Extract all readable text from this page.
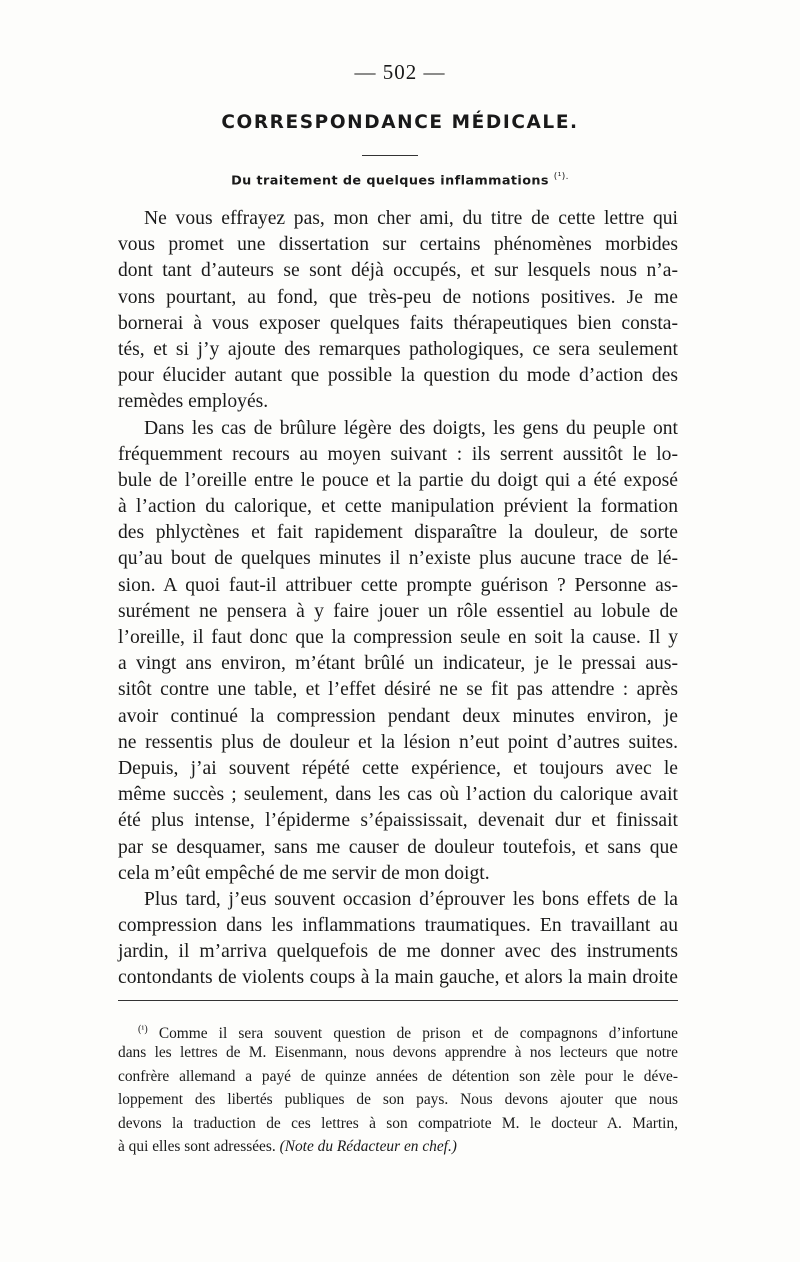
— 502 —
CORRESPONDANCE MÉDICALE.
Du traitement de quelques inflammations $^{(^1).}$
Ne vous effrayez pas, mon cher ami, du titre de cette lettre qui
vous promet une dissertation sur certains phénomènes morbides
dont tant d’auteurs se sont déjà occupés, et sur lesquels nous n’a-
vons pourtant, au fond, que très-peu de notions positives. Je me
bornerai à vous exposer quelques faits thérapeutiques bien consta-
tés, et si j’y ajoute des remarques pathologiques, ce sera seulement
pour élucider autant que possible la question du mode d’action des
remèdes employés.
Dans les cas de brûlure légère des doigts, les gens du peuple ont
fréquemment recours au moyen suivant : ils serrent aussitôt le lo-
bule de l’oreille entre le pouce et la partie du doigt qui a été exposé
à l’action du calorique, et cette manipulation prévient la formation
des phlyctènes et fait rapidement disparaître la douleur, de sorte
qu’au bout de quelques minutes il n’existe plus aucune trace de lé-
sion. A quoi faut-il attribuer cette prompte guérison ? Personne as-
surément ne pensera à y faire jouer un rôle essentiel au lobule de
l’oreille, il faut donc que la compression seule en soit la cause. Il y
a vingt ans environ, m’étant brûlé un indicateur, je le pressai aus-
sitôt contre une table, et l’effet désiré ne se fit pas attendre : après
avoir continué la compression pendant deux minutes environ, je
ne ressentis plus de douleur et la lésion n’eut point d’autres suites.
Depuis, j’ai souvent répété cette expérience, et toujours avec le
même succès ; seulement, dans les cas où l’action du calorique avait
été plus intense, l’épiderme s’épaississait, devenait dur et finissait
par se desquamer, sans me causer de douleur toutefois, et sans que
cela m’eût empêché de me servir de mon doigt.
Plus tard, j’eus souvent occasion d’éprouver les bons effets de la
compression dans les inflammations traumatiques. En travaillant au
jardin, il m’arriva quelquefois de me donner avec des instruments
contondants de violents coups à la main gauche, et alors la main droite
$^{(^1)}$ Comme il sera souvent question de prison et de compagnons d’infortune
dans les lettres de M. Eisenmann, nous devons apprendre à nos lecteurs que notre
confrère allemand a payé de quinze années de détention son zèle pour le déve-
loppement des libertés publiques de son pays. Nous devons ajouter que nous
devons la traduction de ces lettres à son compatriote M. le docteur A. Martin,
à qui elles sont adressées. (Note du Rédacteur en chef.)
